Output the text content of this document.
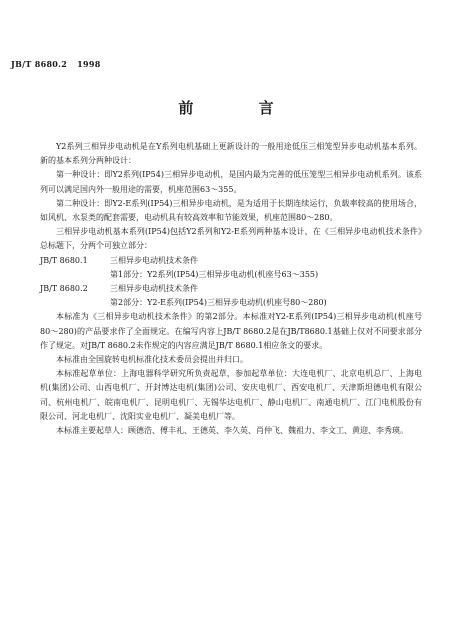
JB/T 8680.2 1998
前 言

Y2系列三相异步电动机是在Y系列电机基础上更新设计的一般用途低压三相笼型异步电动机基本系列。新的基本系列分两种设计：

第一种设计：即Y2系列(IP54)三相异步电动机，是国内最为完善的低压笼型三相异步电动机系列。该系列可以满足国内外一般用途的需要，机座范围63～355。

第二种设计：即Y2-E系列(IP54)三相异步电动机，是为适用于长期连续运行，负载率较高的使用场合，如风机、水泵类的配套需要，电动机具有较高效率和节能效果，机座范围80～280。

三相异步电动机基本系列(IP54)包括Y2系列和Y2-E系列两种基本设计，在《三相异步电动机技术条件》总标题下，分两个可独立部分：

JB/T 8680.1	三相异步电动机技术条件

第1部分：Y2系列(IP54)三相异步电动机(机座号63～355)

JB/T 8680.2	三相异步电动机技术条件

第2部分：Y2-E系列(IP54)三相异步电动机(机座号80～280)

本标准为《三相异步电动机技术条件》的第2部分。本标准对Y2-E系列(IP54)三相异步电动机(机座号80～280)的产品要求作了全面规定。在编写内容上JB/T 8680.2是在JB/T8680.1基础上仅对不同要求部分作了规定。对JB/T 8680.2未作规定的内容应满足JB/T 8680.1相应条文的要求。

本标准由全国旋转电机标准化技术委员会提出并归口。

本标准起草单位：上海电器科学研究所负责起草，参加起草单位：大连电机厂、北京电机总厂、上海电机(集团)公司、山西电机厂、开封博达电机(集团)公司、安庆电机厂、西安电机厂、天津斯坦德电机有限公司、杭州电机厂、皖南电机厂、昆明电机厂、无锡华达电机厂、静山电机厂、南通电机厂、江门电机股份有限公司、河北电机厂、沈阳实业电机厂、凝美电机厂等。

本标准主要起草人：顾德浩、傅丰礼、王德英、李久英、肖仲飞、魏祖力、李文工、黄迎、李秀瑛。
